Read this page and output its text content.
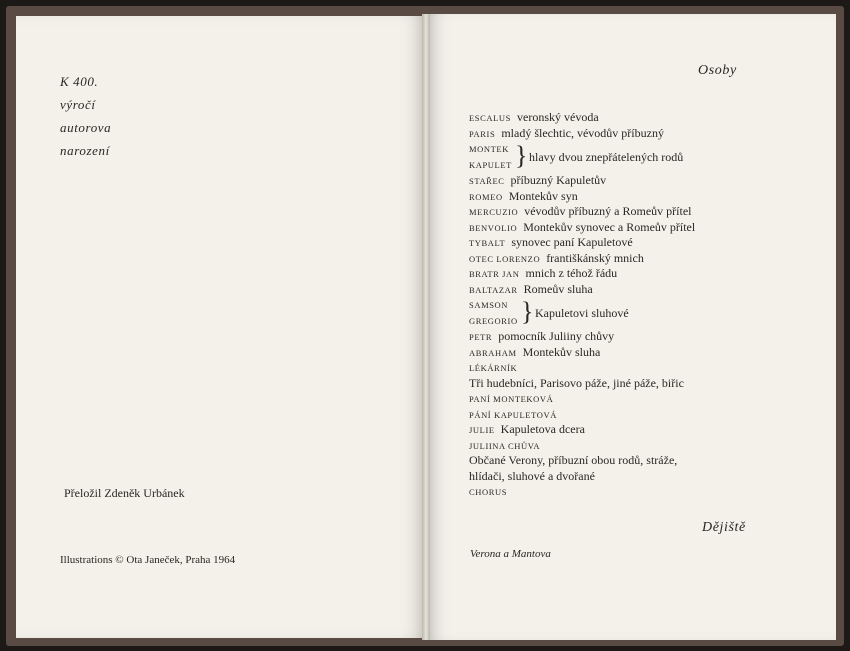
K 400.
výročí
autorova
narození
Přeložil Zdeněk Urbánek
Illustrations © Ota Janeček, Praha 1964
Osoby
ESCALUS veronský vévoda
PARIS mladý šlechtic, vévodův příbuzný
MONTEK
KAPULET } hlavy dvou znepřátelených rodů
STAŘEC příbuzný Kapuletův
ROMEO Montekův syn
MERCUZIO vévodův příbuzný a Romeův přítel
BENVOLIO Montekův synovec a Romeův přítel
TYBALT synovec paní Kapuletové
OTEC LORENZO františkánský mnich
BRATR JAN mnich z téhož řádu
BALTAZAR Romeův sluha
SAMSON
GREGORIO } Kapuletovi sluhové
PETR pomocník Juliiny chůvy
ABRAHAM Montekův sluha
LÉKÁRNÍK
Tři hudebníci, Parisovo páže, jiné páže, biřic
PANÍ MONTEKOVÁ
PÁNÍ KAPULETOVÁ
JULIE Kapuletova dcera
JULIINA CHŮVA
Občané Verony, příbuzní obou rodů, stráže,
hlídači, sluhové a dvořané
CHORUS
Dějiště
Verona a Mantova
